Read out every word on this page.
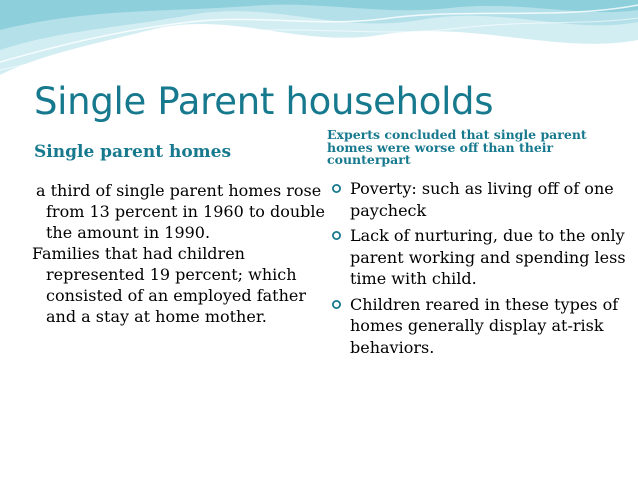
Single Parent households
Single parent homes
Experts concluded that single parent homes were worse off than their counterpart

a third of single parent homes rose from 13 percent in 1960 to double the amount in 1990.

Families that had children represented 19 percent; which consisted of an employed father and a stay at home mother.

Poverty: such as living off of one paycheck
Lack of nurturing, due to the only parent working and spending less time with child.
Children reared in these types of homes generally display at-risk behaviors.
